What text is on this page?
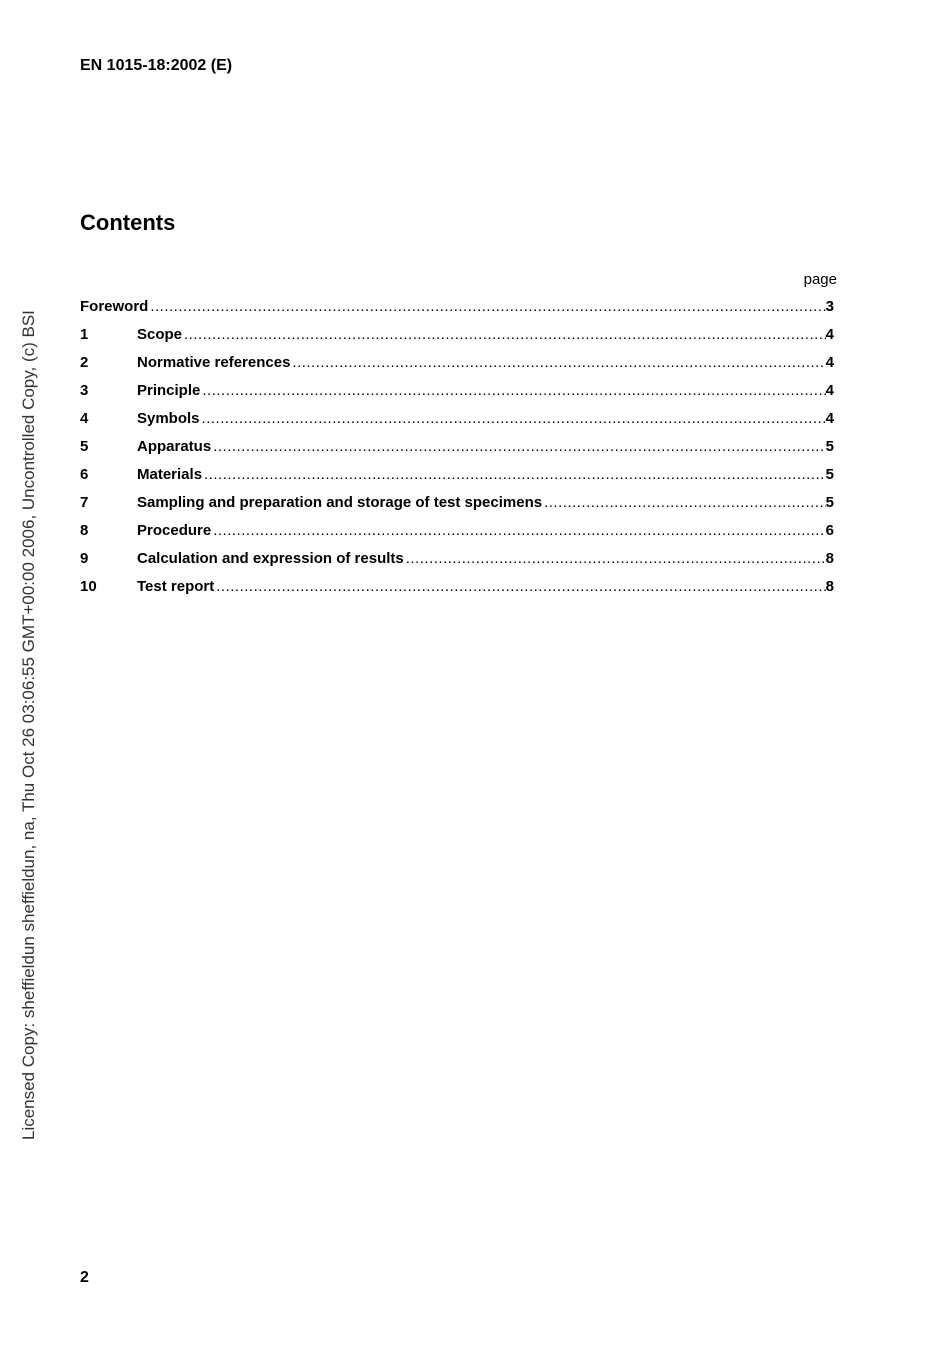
EN 1015-18:2002 (E)
Contents
page
Foreword .....	3
1	Scope .....	4
2	Normative references .....	4
3	Principle .....	4
4	Symbols .....	4
5	Apparatus .....	5
6	Materials .....	5
7	Sampling and preparation and storage of test specimens .....	5
8	Procedure .....	6
9	Calculation and expression of results .....	8
10	Test report .....	8
Licensed Copy: sheffieldun sheffieldun, na, Thu Oct 26 03:06:55 GMT+00:00 2006, Uncontrolled Copy, (c) BSI
2
